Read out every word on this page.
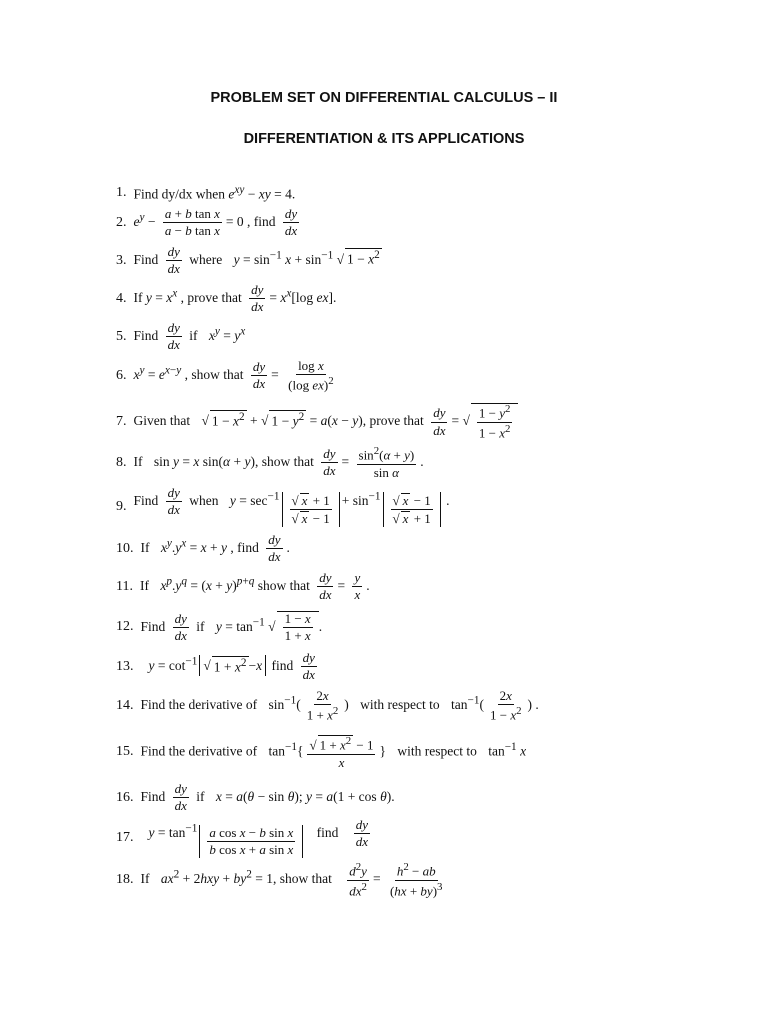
PROBLEM SET ON DIFFERENTIAL CALCULUS – II
DIFFERENTIATION & ITS APPLICATIONS
1. Find dy/dx when $e^{xy}$ − xy = 4.
2. $e^y - \frac{\text{a + b tan x}}{\text{a − b tan x}} = 0$ , find $\frac{dy}{dx}$
3. Find $\frac{dy}{dx}$ where $y = \sin^{-1} x + \sin^{-1}$ √ $1 - x^2$
4. If $y = x^x$ , prove that $\frac{dy}{dx} = x^x[\log$ ex].
5. Find $\frac{dy}{dx}$ if $x^y = y^x$
6. $x^y = e^{x-y}$ , show that $\frac{dy}{dx} = \frac{\text{log x}}{(\log ex)^2}$
7. Given that √ $1 - x^2$ + √ $1 - y^2 = a(x - y)$, prove that $\frac{dy}{dx}$ = √ $\frac{1 - y^2}{1 - x^2}$
8. If sin y = x sin(α + y), show that $\frac{dy}{dx} = \frac{\sin^2(\alpha + y)}{\text{sin α}}$ .
9. Find $\frac{dy}{dx}$ when $y = \sec^{-1} \frac{√ x + 1}{√ x - 1} + \sin^{-1} \frac{√ x - 1}{√ x + 1}$ .
10. If $x^y.y^x = x + y$ , find $\frac{dy}{dx}$ .
11. If $x^p.y^q = (x + y)^{p+q}$ show that $\frac{dy}{dx} = \frac{y}{x}$ .
12. Find $\frac{dy}{dx}$ if $y = \tan^{-1}$ √ $\frac{1 - x}{1 + x}$ .
13.	$y = \cot^{-1}$ √ $1 + x^2 - x$ find $\frac{dy}{dx}$
14. Find the derivative of $\sin^{-1}( \frac{2x}{1 + x^2}$ ) with respect to $\tan^{-1}( \frac{2x}{1 - x^2}$ ) .
15. Find the derivative of $\tan^{-1}\{ \frac{√ 1 + x^2 - 1}{x}$ } with respect to $\tan^{-1} x$
16. Find $\frac{dy}{dx}$ if x = a(θ − sin θ); y = a(1 + cos θ).
17.	$y = \tan^{-1} \frac{\text{a cos x − b sin x}}{\text{b cos x + a sin x}}$ find $\frac{dy}{dx}$
18. If $ax^2 + 2hxy + by^2 = 1$, show that $\frac{d^2y}{dx^2} = \frac{h^2 - ab}{(hx + by)^3}$
